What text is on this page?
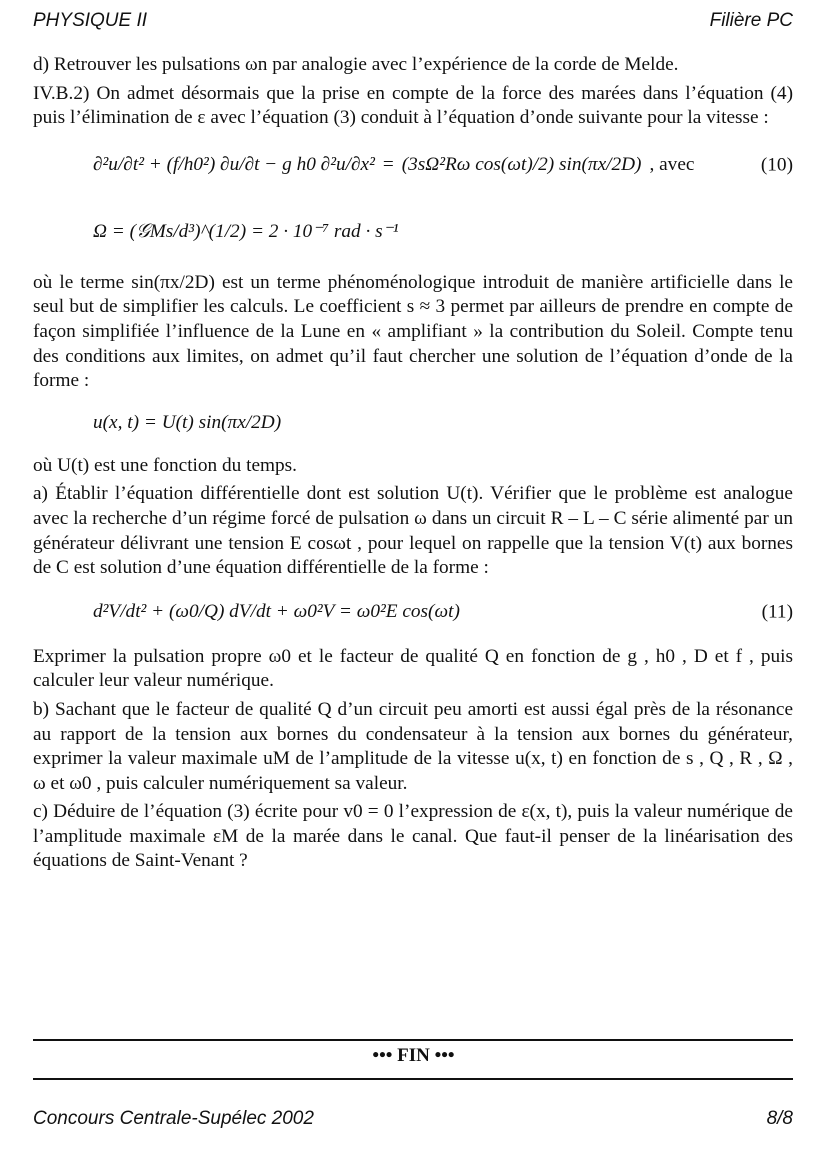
PHYSIQUE II	Filière PC

d) Retrouver les pulsations ωn par analogie avec l’expérience de la corde de Melde.

IV.B.2) On admet désormais que la prise en compte de la force des marées dans l’équation (4) puis l’élimination de ε avec l’équation (3) conduit à l’équation d’onde suivante pour la vitesse :

∂²u/∂t² + (f/h0²) ∂u/∂t − g h0 ∂²u/∂x² = (3sΩ²Rω cos(ωt)/2) sin(πx/2D) , avec	(10)
Ω = (𝒢Ms/d³)^(1/2) = 2 · 10⁻⁷ rad · s⁻¹

où le terme sin(πx/2D) est un terme phénoménologique introduit de manière artificielle dans le seul but de simplifier les calculs. Le coefficient s ≈ 3 permet par ailleurs de prendre en compte de façon simplifiée l’influence de la Lune en « amplifiant » la contribution du Soleil. Compte tenu des conditions aux limites, on admet qu’il faut chercher une solution de l’équation d’onde de la forme :

u(x, t) = U(t) sin(πx/2D)

où U(t) est une fonction du temps.

a) Établir l’équation différentielle dont est solution U(t). Vérifier que le problème est analogue avec la recherche d’un régime forcé de pulsation ω dans un circuit R – L – C série alimenté par un générateur délivrant une tension E cosωt , pour lequel on rappelle que la tension V(t) aux bornes de C est solution d’une équation différentielle de la forme :

d²V/dt² + (ω0/Q) dV/dt + ω0²V = ω0²E cos(ωt)	(11)

Exprimer la pulsation propre ω0 et le facteur de qualité Q en fonction de g , h0 , D et f , puis calculer leur valeur numérique.

b) Sachant que le facteur de qualité Q d’un circuit peu amorti est aussi égal près de la résonance au rapport de la tension aux bornes du condensateur à la tension aux bornes du générateur, exprimer la valeur maximale uM de l’amplitude de la vitesse u(x, t) en fonction de s , Q , R , Ω , ω et ω0 , puis calculer numériquement sa valeur.

c) Déduire de l’équation (3) écrite pour v0 = 0 l’expression de ε(x, t), puis la valeur numérique de l’amplitude maximale εM de la marée dans le canal. Que faut-il penser de la linéarisation des équations de Saint-Venant ?

••• FIN •••
Concours Centrale-Supélec 2002	8/8
